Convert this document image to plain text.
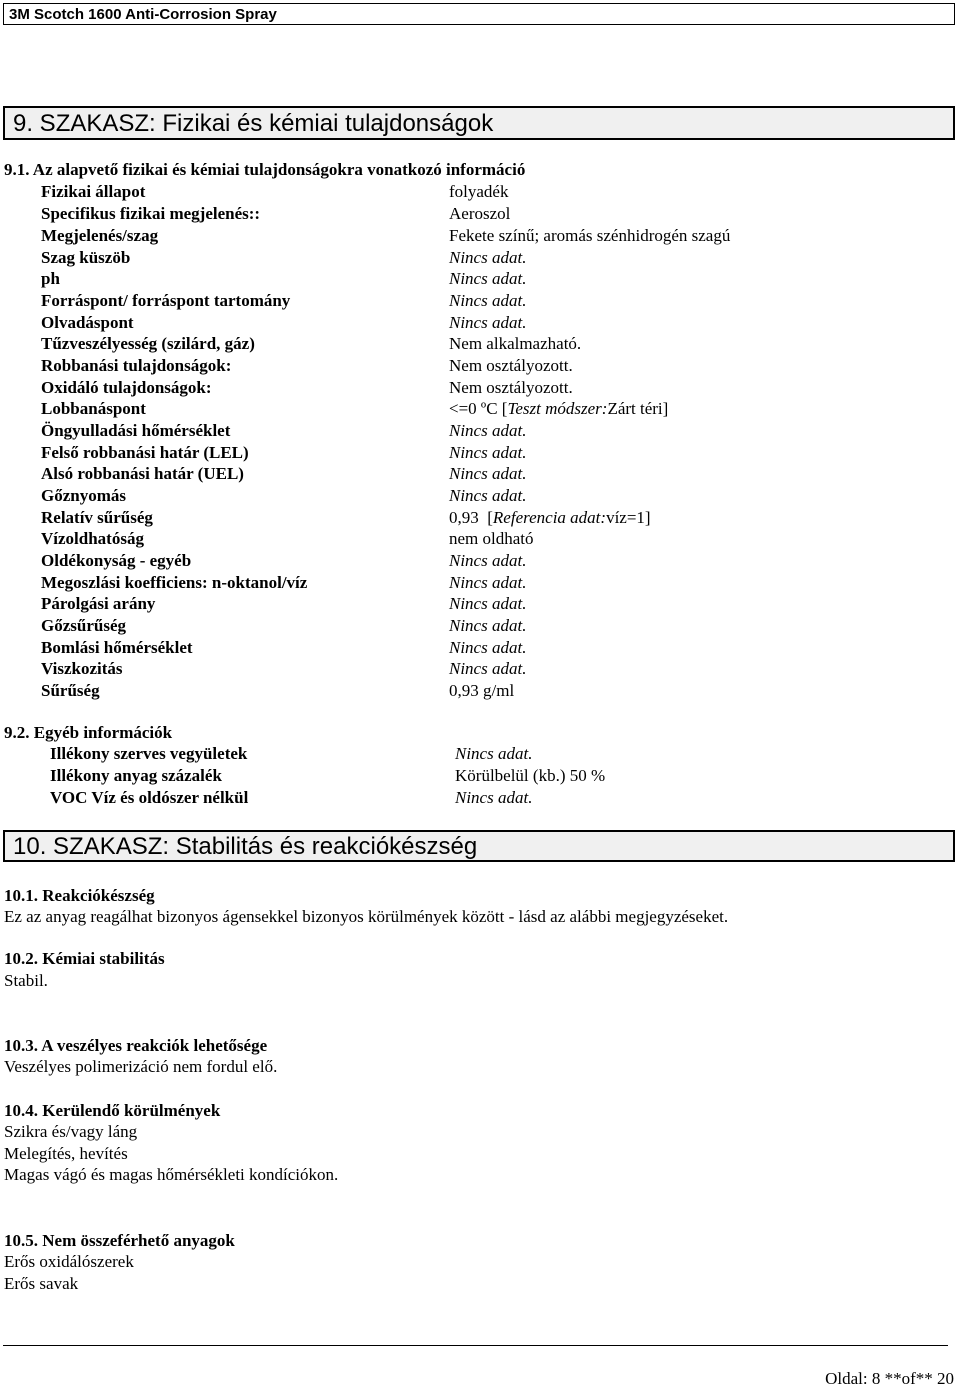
3M Scotch 1600 Anti-Corrosion Spray
9. SZAKASZ: Fizikai és kémiai tulajdonságok
9.1. Az alapvető fizikai és kémiai tulajdonságokra vonatkozó információ
Fizikai állapot	folyadék
Specifikus fizikai megjelenés::	Aeroszol
Megjelenés/szag	Fekete színű; aromás szénhidrogén szagú
Szag küszöb	Nincs adat.
ph	Nincs adat.
Forráspont/ forráspont tartomány	Nincs adat.
Olvadáspont	Nincs adat.
Tűzveszélyesség (szilárd, gáz)	Nem alkalmazható.
Robbanási tulajdonságok:	Nem osztályozott.
Oxidáló tulajdonságok:	Nem osztályozott.
Lobbanáspont	<=0 ºC [Teszt módszer:Zárt téri]
Öngyulladási hőmérséklet	Nincs adat.
Felső robbanási határ (LEL)	Nincs adat.
Alsó robbanási határ (UEL)	Nincs adat.
Gőznyomás	Nincs adat.
Relatív sűrűség	0,93  [Referencia adat:víz=1]
Vízoldhatóság	nem oldható
Oldékonyság - egyéb	Nincs adat.
Megoszlási koefficiens: n-oktanol/víz	Nincs adat.
Párolgási arány	Nincs adat.
Gőzsűrűség	Nincs adat.
Bomlási hőmérséklet	Nincs adat.
Viszkozitás	Nincs adat.
Sűrűség	0,93 g/ml
9.2. Egyéb információk
Illékony szerves vegyületek	Nincs adat.
Illékony anyag százalék	Körülbelül (kb.) 50 %
VOC Víz és oldószer nélkül	Nincs adat.
10. SZAKASZ: Stabilitás és reakciókészség
10.1. Reakciókészség
Ez az anyag reagálhat bizonyos ágensekkel bizonyos körülmények között - lásd az alábbi megjegyzéseket.
10.2. Kémiai stabilitás
Stabil.
10.3. A veszélyes reakciók lehetősége
Veszélyes polimerizáció nem fordul elő.
10.4. Kerülendő körülmények
Szikra és/vagy láng
Melegítés, hevítés
Magas vágó és magas hőmérsékleti kondíciókon.
10.5. Nem összeférhető anyagok
Erős oxidálószerek
Erős savak
Oldal: 8 **of** 20
